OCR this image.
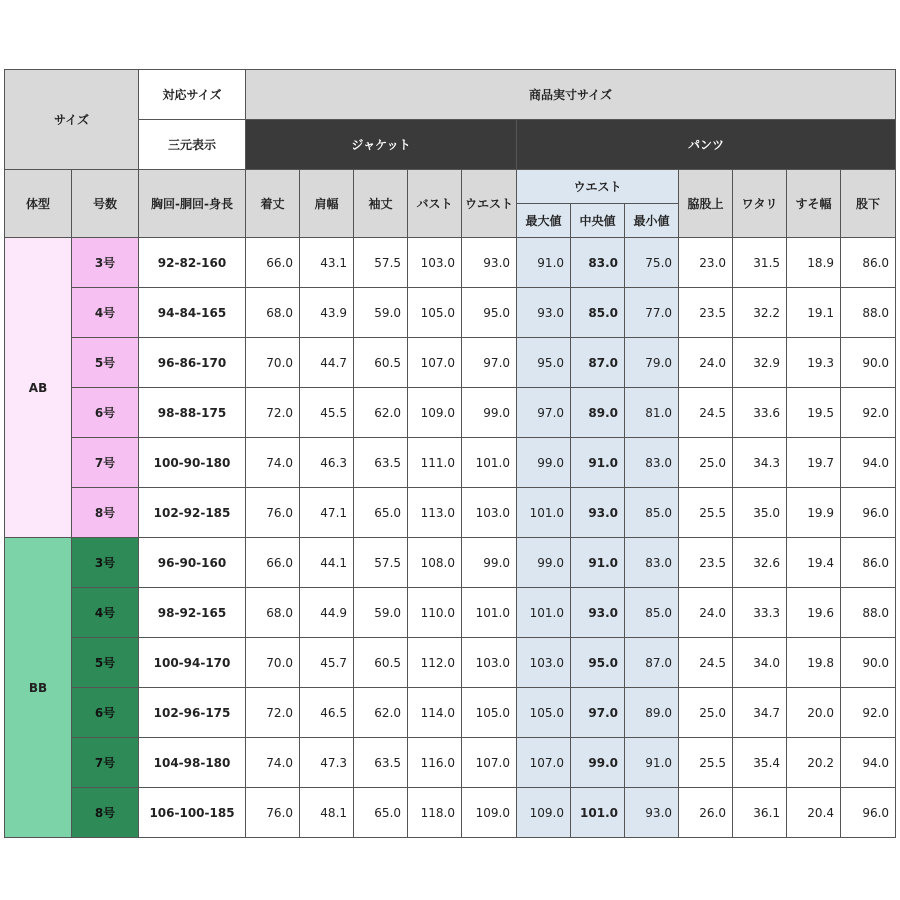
サイズ		対応サイズ	商品実寸サイズ											
		三元表示	ジャケット					パンツ						
体型	号数	胸回-胴回-身長	着丈	肩幅	袖丈	バスト	ウエスト	ウエスト			脇股上	ワタリ	すそ幅	股下
								最大値	中央値	最小値				
AB	3号	92-82-160	66.0	43.1	57.5	103.0	93.0	91.0	83.0	75.0	23.0	31.5	18.9	86.0
	4号	94-84-165	68.0	43.9	59.0	105.0	95.0	93.0	85.0	77.0	23.5	32.2	19.1	88.0
	5号	96-86-170	70.0	44.7	60.5	107.0	97.0	95.0	87.0	79.0	24.0	32.9	19.3	90.0
	6号	98-88-175	72.0	45.5	62.0	109.0	99.0	97.0	89.0	81.0	24.5	33.6	19.5	92.0
	7号	100-90-180	74.0	46.3	63.5	111.0	101.0	99.0	91.0	83.0	25.0	34.3	19.7	94.0
	8号	102-92-185	76.0	47.1	65.0	113.0	103.0	101.0	93.0	85.0	25.5	35.0	19.9	96.0
BB	3号	96-90-160	66.0	44.1	57.5	108.0	99.0	99.0	91.0	83.0	23.5	32.6	19.4	86.0
	4号	98-92-165	68.0	44.9	59.0	110.0	101.0	101.0	93.0	85.0	24.0	33.3	19.6	88.0
	5号	100-94-170	70.0	45.7	60.5	112.0	103.0	103.0	95.0	87.0	24.5	34.0	19.8	90.0
	6号	102-96-175	72.0	46.5	62.0	114.0	105.0	105.0	97.0	89.0	25.0	34.7	20.0	92.0
	7号	104-98-180	74.0	47.3	63.5	116.0	107.0	107.0	99.0	91.0	25.5	35.4	20.2	94.0
	8号	106-100-185	76.0	48.1	65.0	118.0	109.0	109.0	101.0	93.0	26.0	36.1	20.4	96.0
